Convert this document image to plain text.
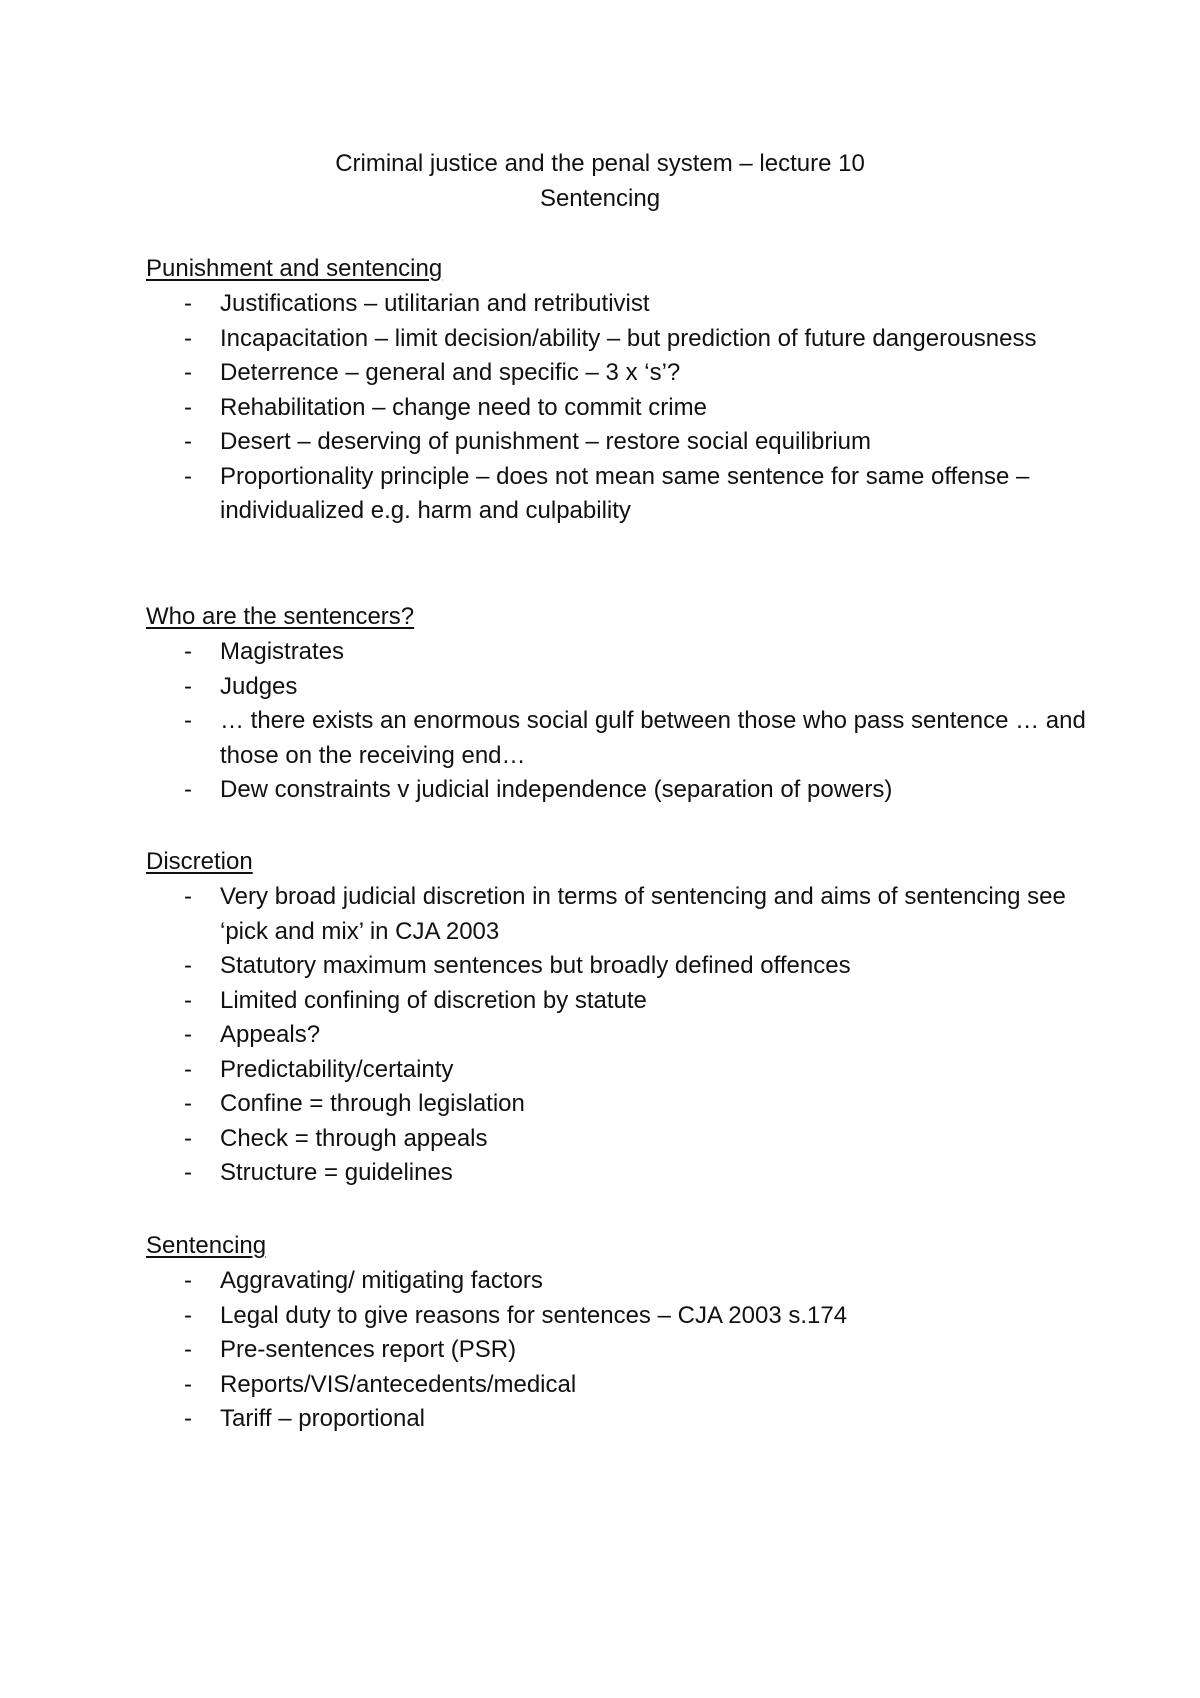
Criminal justice and the penal system – lecture 10
Sentencing
Punishment and sentencing
- Justifications – utilitarian and retributivist
- Incapacitation – limit decision/ability – but prediction of future dangerousness
- Deterrence – general and specific – 3 x ‘s’?
- Rehabilitation – change need to commit crime
- Desert – deserving of punishment – restore social equilibrium
- Proportionality principle – does not mean same sentence for same offense – individualized e.g. harm and culpability
Who are the sentencers?
- Magistrates
- Judges
- … there exists an enormous social gulf between those who pass sentence … and those on the receiving end…
- Dew constraints v judicial independence (separation of powers)
Discretion
- Very broad judicial discretion in terms of sentencing and aims of sentencing see ‘pick and mix’ in CJA 2003
- Statutory maximum sentences but broadly defined offences
- Limited confining of discretion by statute
- Appeals?
- Predictability/certainty
- Confine = through legislation
- Check = through appeals
- Structure = guidelines
Sentencing
- Aggravating/ mitigating factors
- Legal duty to give reasons for sentences – CJA 2003 s.174
- Pre-sentences report (PSR)
- Reports/VIS/antecedents/medical
- Tariff – proportional
